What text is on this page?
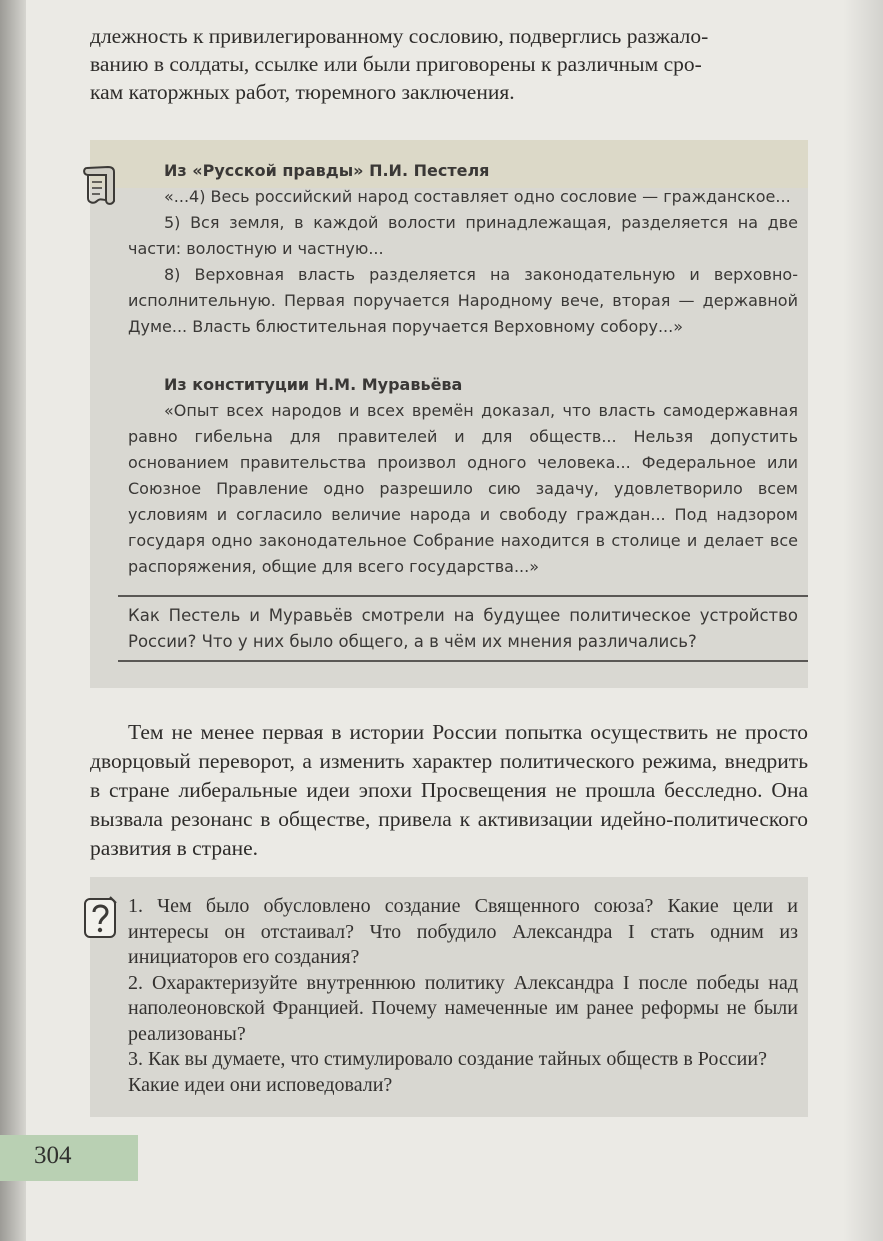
длежность к привилегированному сословию, подверглись разжало-

ванию в солдаты, ссылке или были приговорены к различным сро-

кам каторжных работ, тюремного заключения.

Из «Русской правды» П.И. Пестеля

«...4) Весь российский народ составляет одно сословие — гражданское...

5) Вся земля, в каждой волости принадлежащая, разделяется на две части: волостную и частную...

8) Верховная власть разделяется на законодательную и верховно-исполнительную. Первая поручается Народному вече, вторая — державной Думе... Власть блюстительная поручается Верховному собору...»

Из конституции Н.М. Муравьёва

«Опыт всех народов и всех времён доказал, что власть самодержавная равно гибельна для правителей и для обществ... Нельзя допустить основанием правительства произвол одного человека... Федеральное или Союзное Правление одно разрешило сию задачу, удовлетворило всем условиям и согласило величие народа и свободу граждан... Под надзором государя одно законодательное Собрание находится в столице и делает все распоряжения, общие для всего государства...»

Как Пестель и Муравьёв смотрели на будущее политическое устройство России? Что у них было общего, а в чём их мнения различались?

Тем не менее первая в истории России попытка осуществить не просто дворцовый переворот, а изменить характер политического режима, внедрить в стране либеральные идеи эпохи Просвещения не прошла бесследно. Она вызвала резонанс в обществе, привела к активизации идейно-политического развития в стране.

1. Чем было обусловлено создание Священного союза? Какие цели и интересы он отстаивал? Что побудило Александра I стать одним из инициаторов его создания?

2. Охарактеризуйте внутреннюю политику Александра I после победы над наполеоновской Францией. Почему намеченные им ранее реформы не были реализованы?

3. Как вы думаете, что стимулировало создание тайных обществ в России? Какие идеи они исповедовали?

304
